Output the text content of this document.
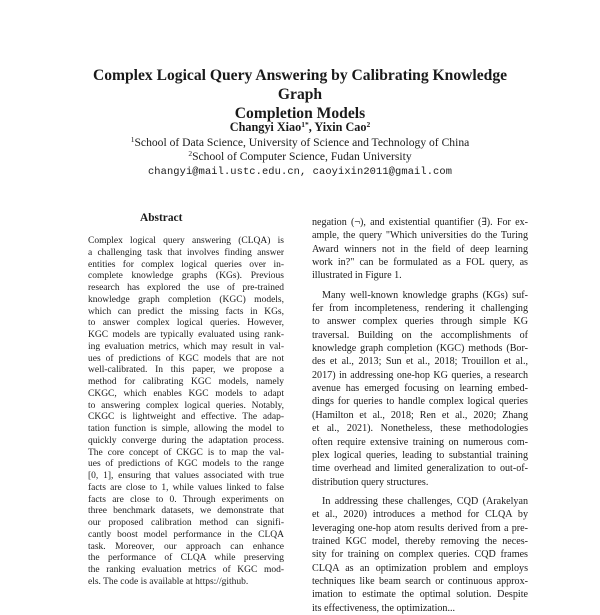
Complex Logical Query Answering by Calibrating Knowledge Graph
Completion Models
Changyi Xiao$^{1*}$, Yixin Cao$^2$
$^1$School of Data Science, University of Science and Technology of China
$^2$School of Computer Science, Fudan University
changyi@mail.ustc.edu.cn, caoyixin2011@gmail.com
Abstract
Complex logical query answering (CLQA) is
a challenging task that involves finding answer
entities for complex logical queries over in-
complete knowledge graphs (KGs). Previous
research has explored the use of pre-trained
knowledge graph completion (KGC) models,
which can predict the missing facts in KGs,
to answer complex logical queries. However,
KGC models are typically evaluated using rank-
ing evaluation metrics, which may result in val-
ues of predictions of KGC models that are not
well-calibrated. In this paper, we propose a
method for calibrating KGC models, namely
CKGC, which enables KGC models to adapt
to answering complex logical queries. Notably,
CKGC is lightweight and effective. The adap-
tation function is simple, allowing the model to
quickly converge during the adaptation process.
The core concept of CKGC is to map the val-
ues of predictions of KGC models to the range
[0, 1], ensuring that values associated with true
facts are close to 1, while values linked to false
facts are close to 0. Through experiments on
three benchmark datasets, we demonstrate that
our proposed calibration method can signifi-
cantly boost model performance in the CLQA
task. Moreover, our approach can enhance
the performance of CLQA while preserving
the ranking evaluation metrics of KGC mod-
els. The code is available at https://github.
negation (¬), and existential quantifier (∃). For ex-
ample, the query "Which universities do the Turing
Award winners not in the field of deep learning
work in?" can be formulated as a FOL query, as
illustrated in Figure 1.
Many well-known knowledge graphs (KGs) suf-
fer from incompleteness, rendering it challenging
to answer complex queries through simple KG
traversal. Building on the accomplishments of
knowledge graph completion (KGC) methods (Bor-
des et al., 2013; Sun et al., 2018; Trouillon et al.,
2017) in addressing one-hop KG queries, a research
avenue has emerged focusing on learning embed-
dings for queries to handle complex logical queries
(Hamilton et al., 2018; Ren et al., 2020; Zhang
et al., 2021). Nonetheless, these methodologies
often require extensive training on numerous com-
plex logical queries, leading to substantial training
time overhead and limited generalization to out-of-
distribution query structures.
In addressing these challenges, CQD (Arakelyan
et al., 2020) introduces a method for CLQA by
leveraging one-hop atom results derived from a pre-
trained KGC model, thereby removing the neces-
sity for training on complex queries. CQD frames
CLQA as an optimization problem and employs
techniques like beam search or continuous approx-
imation to estimate the optimal solution. Despite
its effectiveness, the optimization...
